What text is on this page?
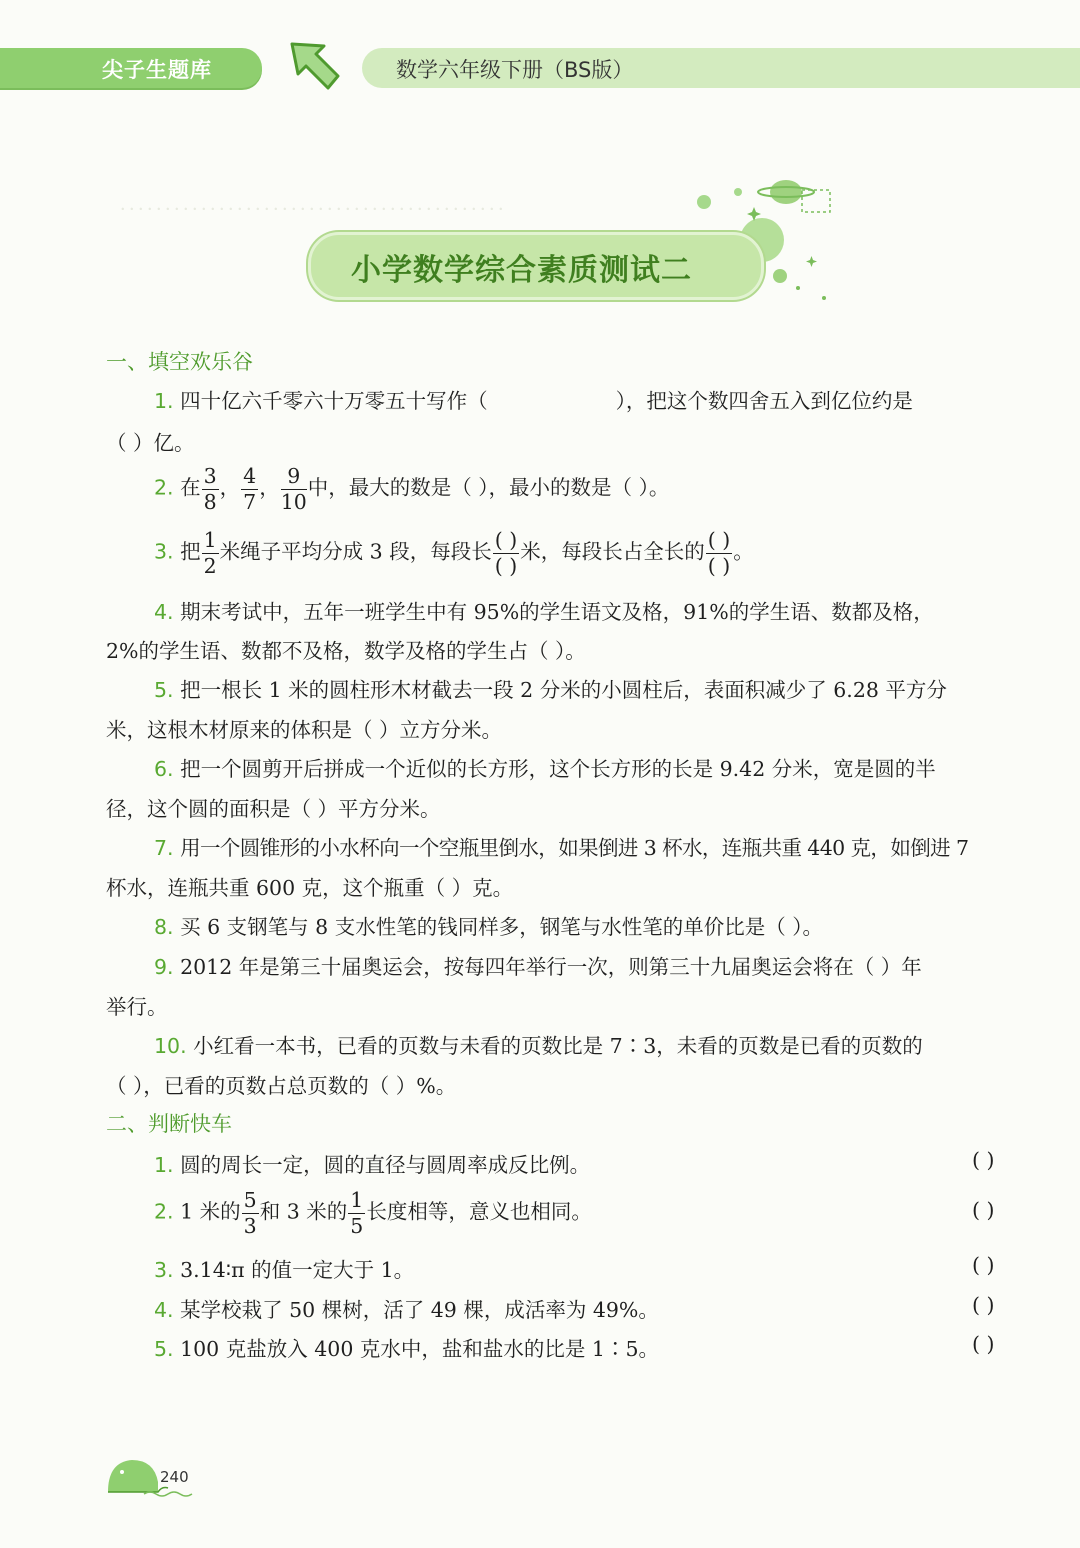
．．．．．．．．．．．．．．．．．．．．．．．．．．．．．．．．．．．．．．．．．．．
尖子生题库	数学六年级下册（BS版）
小学数学综合素质测试二
一、填空欢乐谷
1. 四十亿六千零六十万零五十写作（	），把这个数四舍五入到亿位约是
（ ）亿。
2. 在 $\frac{3}{8}$ ， $\frac{4}{7}$ ， $\frac{9}{10}$ 中，最大的数是（ ），最小的数是（ ）。
3. 把 $\frac{1}{2}$ 米绳子平均分成 3 段，每段长 $\frac{( )}{( )}$ 米，每段长占全长的 $\frac{( )}{( )}$ 。
4. 期末考试中，五年一班学生中有 95%的学生语文及格，91%的学生语、数都及格，
2%的学生语、数都不及格，数学及格的学生占（ ）。
5. 把一根长 1 米的圆柱形木材截去一段 2 分米的小圆柱后，表面积减少了 6.28 平方分
米，这根木材原来的体积是（ ）立方分米。
6. 把一个圆剪开后拼成一个近似的长方形，这个长方形的长是 9.42 分米，宽是圆的半
径，这个圆的面积是（ ）平方分米。
7. 用一个圆锥形的小水杯向一个空瓶里倒水，如果倒进 3 杯水，连瓶共重 440 克，如倒进 7
杯水，连瓶共重 600 克，这个瓶重（ ）克。
8. 买 6 支钢笔与 8 支水性笔的钱同样多，钢笔与水性笔的单价比是（ ）。
9. 2012 年是第三十届奥运会，按每四年举行一次，则第三十九届奥运会将在（ ）年
举行。
10. 小红看一本书，已看的页数与未看的页数比是 7∶3，未看的页数是已看的页数的
（ ），已看的页数占总页数的（ ）%。
二、判断快车
1. 圆的周长一定，圆的直径与圆周率成反比例。	( )
2. 1 米的 $\frac{5}{3}$ 和 3 米的 $\frac{1}{5}$ 长度相等，意义也相同。	( )
3. 3.14∶π 的值一定大于 1。	( )
4. 某学校栽了 50 棵树，活了 49 棵，成活率为 49%。	( )
5. 100 克盐放入 400 克水中，盐和盐水的比是 1∶5。	( )
240
